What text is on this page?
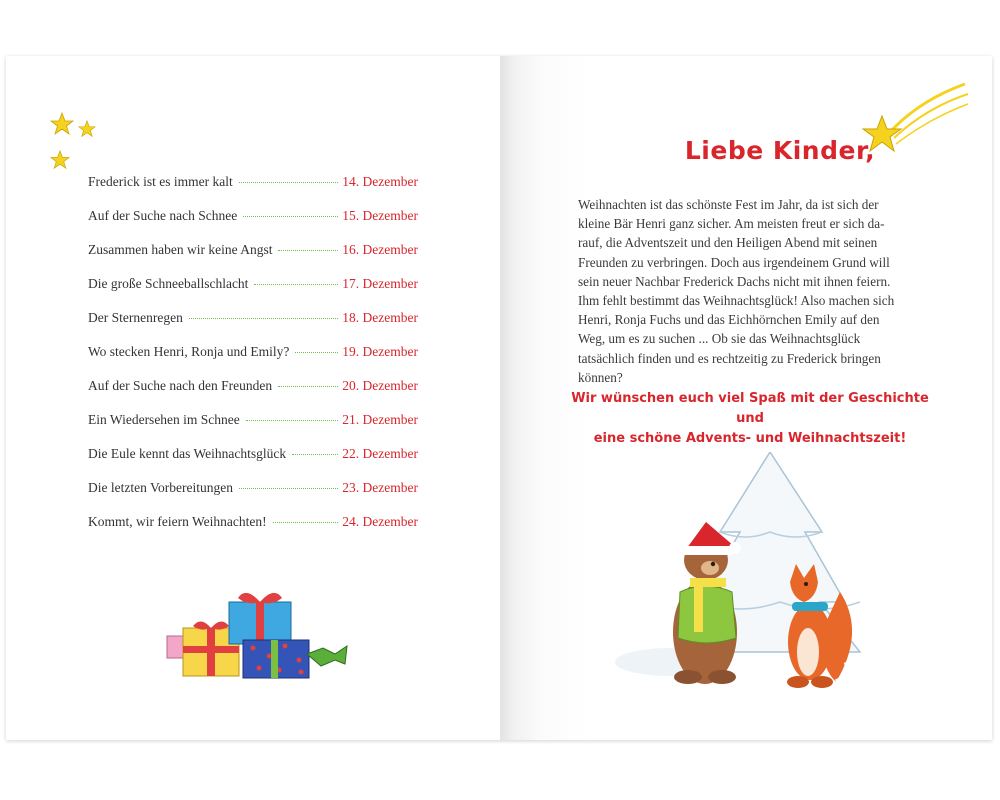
Frederick ist es immer kalt	14. Dezember
Auf der Suche nach Schnee	15. Dezember
Zusammen haben wir keine Angst	16. Dezember
Die große Schneeballschlacht	17. Dezember
Der Sternenregen	18. Dezember
Wo stecken Henri, Ronja und Emily?	19. Dezember
Auf der Suche nach den Freunden	20. Dezember
Ein Wiedersehen im Schnee	21. Dezember
Die Eule kennt das Weihnachtsglück	22. Dezember
Die letzten Vorbereitungen	23. Dezember
Kommt, wir feiern Weihnachten!	24. Dezember
Liebe Kinder,
Weihnachten ist das schönste Fest im Jahr, da ist sich der kleine Bär Henri ganz sicher. Am meisten freut er sich da-rauf, die Adventszeit und den Heiligen Abend mit seinen Freunden zu verbringen. Doch aus irgendeinem Grund will sein neuer Nachbar Frederick Dachs nicht mit ihnen feiern. Ihm fehlt bestimmt das Weihnachtsglück! Also machen sich Henri, Ronja Fuchs und das Eichhörnchen Emily auf den Weg, um es zu suchen ... Ob sie das Weihnachtsglück tatsächlich finden und es rechtzeitig zu Frederick bringen können?
Wir wünschen euch viel Spaß mit der Geschichte und
eine schöne Advents- und Weihnachtszeit!
